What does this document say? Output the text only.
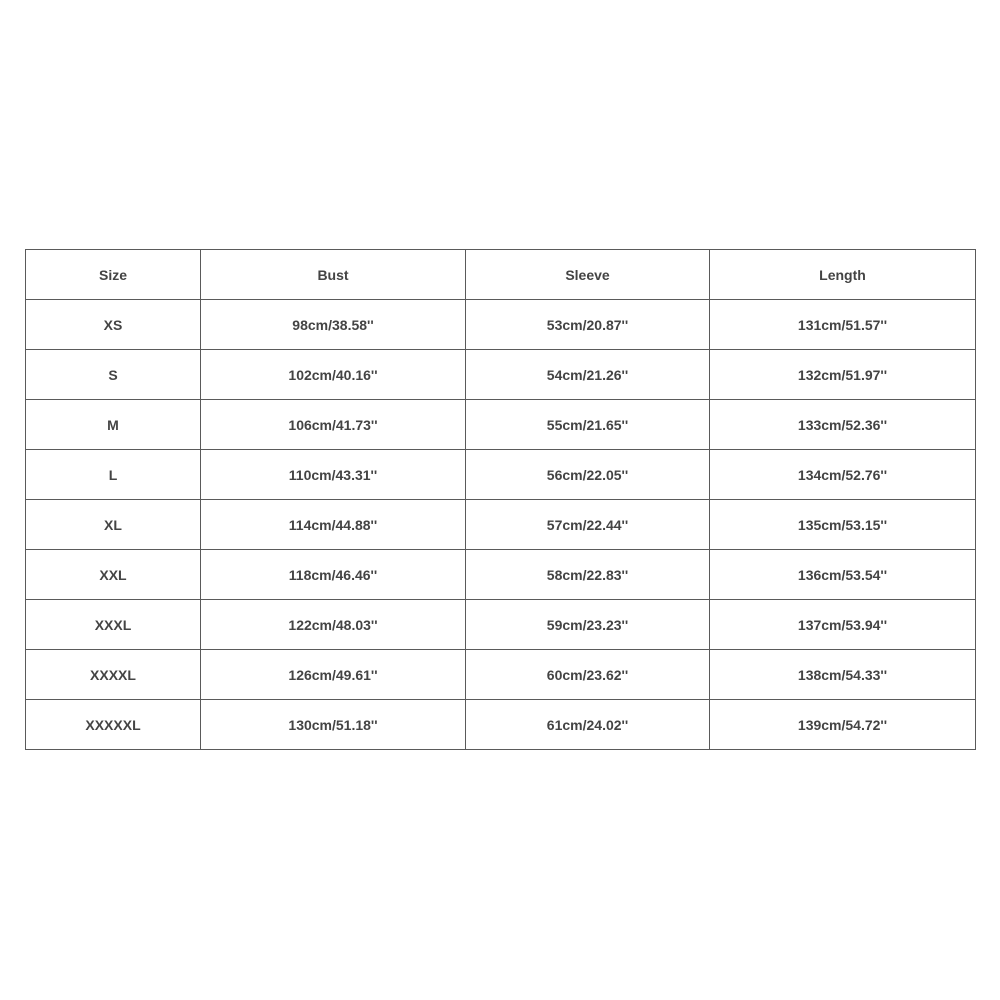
Size	Bust	Sleeve	Length
XS	98cm/38.58''	53cm/20.87''	131cm/51.57''
S	102cm/40.16''	54cm/21.26''	132cm/51.97''
M	106cm/41.73''	55cm/21.65''	133cm/52.36''
L	110cm/43.31''	56cm/22.05''	134cm/52.76''
XL	114cm/44.88''	57cm/22.44''	135cm/53.15''
XXL	118cm/46.46''	58cm/22.83''	136cm/53.54''
XXXL	122cm/48.03''	59cm/23.23''	137cm/53.94''
XXXXL	126cm/49.61''	60cm/23.62''	138cm/54.33''
XXXXXL	130cm/51.18''	61cm/24.02''	139cm/54.72''
